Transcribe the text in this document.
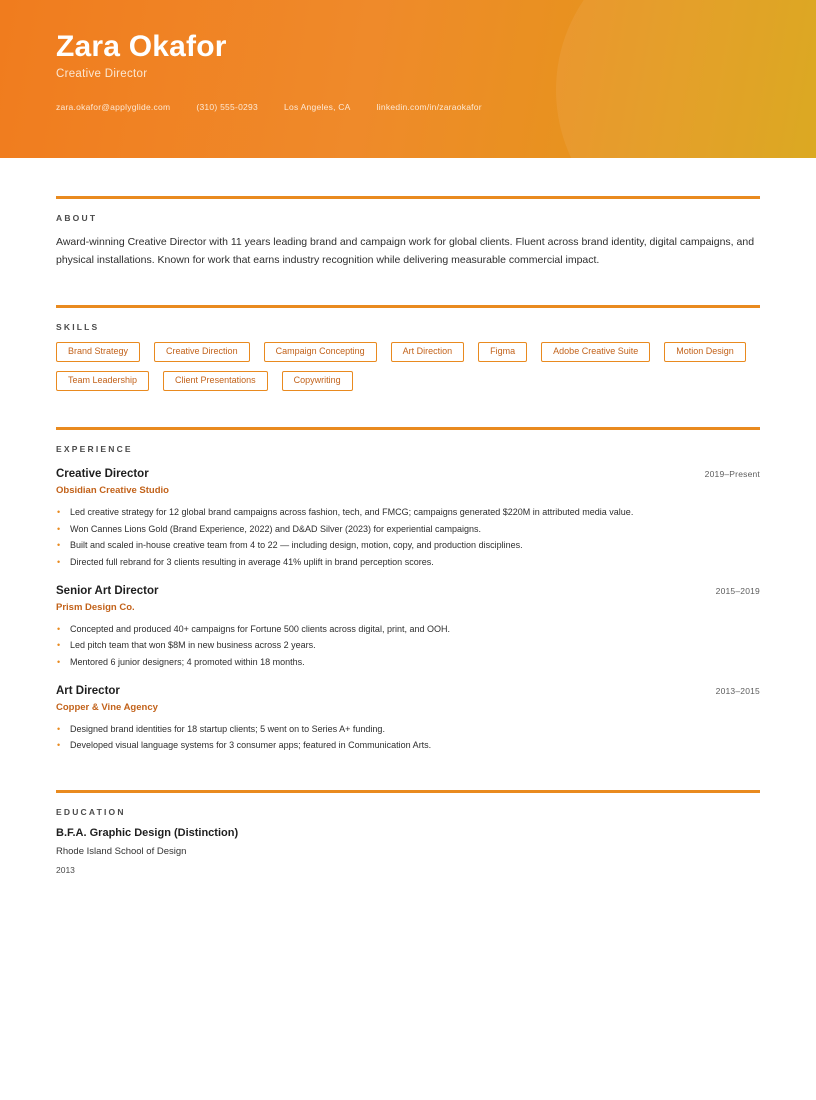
Zara Okafor
Creative Director
zara.okafor@applyglide.com	(310) 555-0293	Los Angeles, CA	linkedin.com/in/zaraokafor
ABOUT

Award-winning Creative Director with 11 years leading brand and campaign work for global clients. Fluent across brand identity, digital campaigns, and physical installations. Known for work that earns industry recognition while delivering measurable commercial impact.

SKILLS
Brand Strategy	Creative Direction	Campaign Concepting	Art Direction	Figma	Adobe Creative Suite	Motion Design
Team Leadership	Client Presentations	Copywriting
EXPERIENCE
Creative Director	2019–Present
Obsidian Creative Studio
• Led creative strategy for 12 global brand campaigns across fashion, tech, and FMCG; campaigns generated $220M in attributed media value.
• Won Cannes Lions Gold (Brand Experience, 2022) and D&AD Silver (2023) for experiential campaigns.
• Built and scaled in-house creative team from 4 to 22 — including design, motion, copy, and production disciplines.
• Directed full rebrand for 3 clients resulting in average 41% uplift in brand perception scores.
Senior Art Director	2015–2019
Prism Design Co.
• Concepted and produced 40+ campaigns for Fortune 500 clients across digital, print, and OOH.
• Led pitch team that won $8M in new business across 2 years.
• Mentored 6 junior designers; 4 promoted within 18 months.
Art Director	2013–2015
Copper & Vine Agency
• Designed brand identities for 18 startup clients; 5 went on to Series A+ funding.
• Developed visual language systems for 3 consumer apps; featured in Communication Arts.
EDUCATION
B.F.A. Graphic Design (Distinction)
Rhode Island School of Design
2013
